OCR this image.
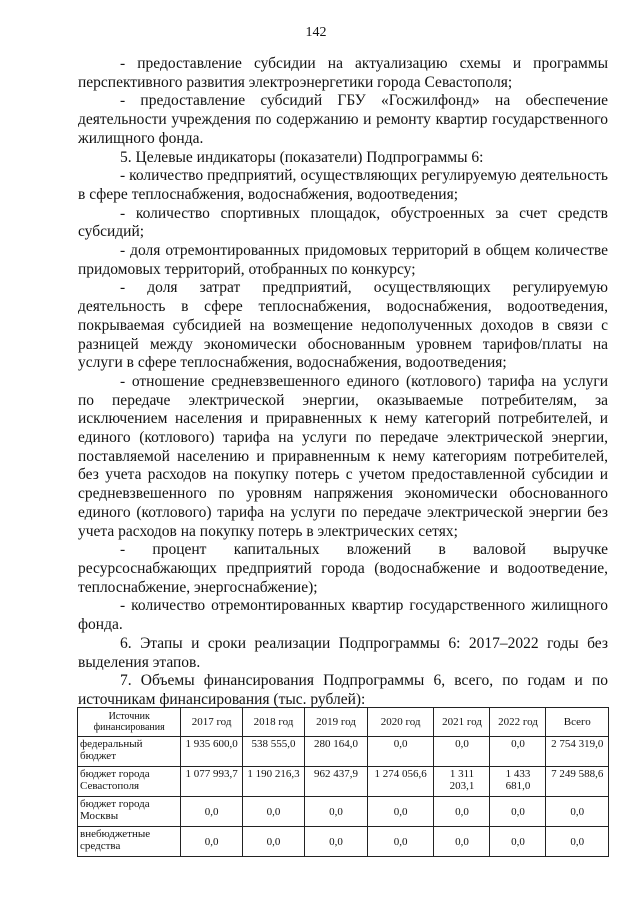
142

- предоставление субсидии на актуализацию схемы и программы перспективного развития электроэнергетики города Севастополя;

- предоставление субсидий ГБУ «Госжилфонд» на обеспечение деятельности учреждения по содержанию и ремонту квартир государственного жилищного фонда.

5. Целевые индикаторы (показатели) Подпрограммы 6:

- количество предприятий, осуществляющих регулируемую деятельность в сфере теплоснабжения, водоснабжения, водоотведения;

- количество спортивных площадок, обустроенных за счет средств субсидий;

- доля отремонтированных придомовых территорий в общем количестве придомовых территорий, отобранных по конкурсу;

- доля затрат предприятий, осуществляющих регулируемую деятельность в сфере теплоснабжения, водоснабжения, водоотведения, покрываемая субсидией на возмещение недополученных доходов в связи с разницей между экономически обоснованным уровнем тарифов/платы на услуги в сфере теплоснабжения, водоснабжения, водоотведения;

- отношение средневзвешенного единого (котлового) тарифа на услуги по передаче электрической энергии, оказываемые потребителям, за исключением населения и приравненных к нему категорий потребителей, и единого (котлового) тарифа на услуги по передаче электрической энергии, поставляемой населению и приравненным к нему категориям потребителей, без учета расходов на покупку потерь с учетом предоставленной субсидии и средневзвешенного по уровням напряжения экономически обоснованного единого (котлового) тарифа на услуги по передаче электрической энергии без учета расходов на покупку потерь в электрических сетях;

- процент капитальных вложений в валовой выручке ресурсоснабжающих предприятий города (водоснабжение и водоотведение, теплоснабжение, энергоснабжение);

- количество отремонтированных квартир государственного жилищного фонда.

6. Этапы и сроки реализации Подпрограммы 6: 2017–2022 годы без выделения этапов.

7. Объемы финансирования Подпрограммы 6, всего, по годам и по источникам финансирования (тыс. рублей):

Источник финансирования	2017 год	2018 год	2019 год	2020 год	2021 год	2022 год	Всего
федеральный бюджет	1 935 600,0	538 555,0	280 164,0	0,0	0,0	0,0	2 754 319,0
бюджет города Севастополя	1 077 993,7	1 190 216,3	962 437,9	1 274 056,6	1 311 203,1	1 433 681,0	7 249 588,6
бюджет города Москвы	0,0	0,0	0,0	0,0	0,0	0,0	0,0
внебюджетные средства	0,0	0,0	0,0	0,0	0,0	0,0	0,0
